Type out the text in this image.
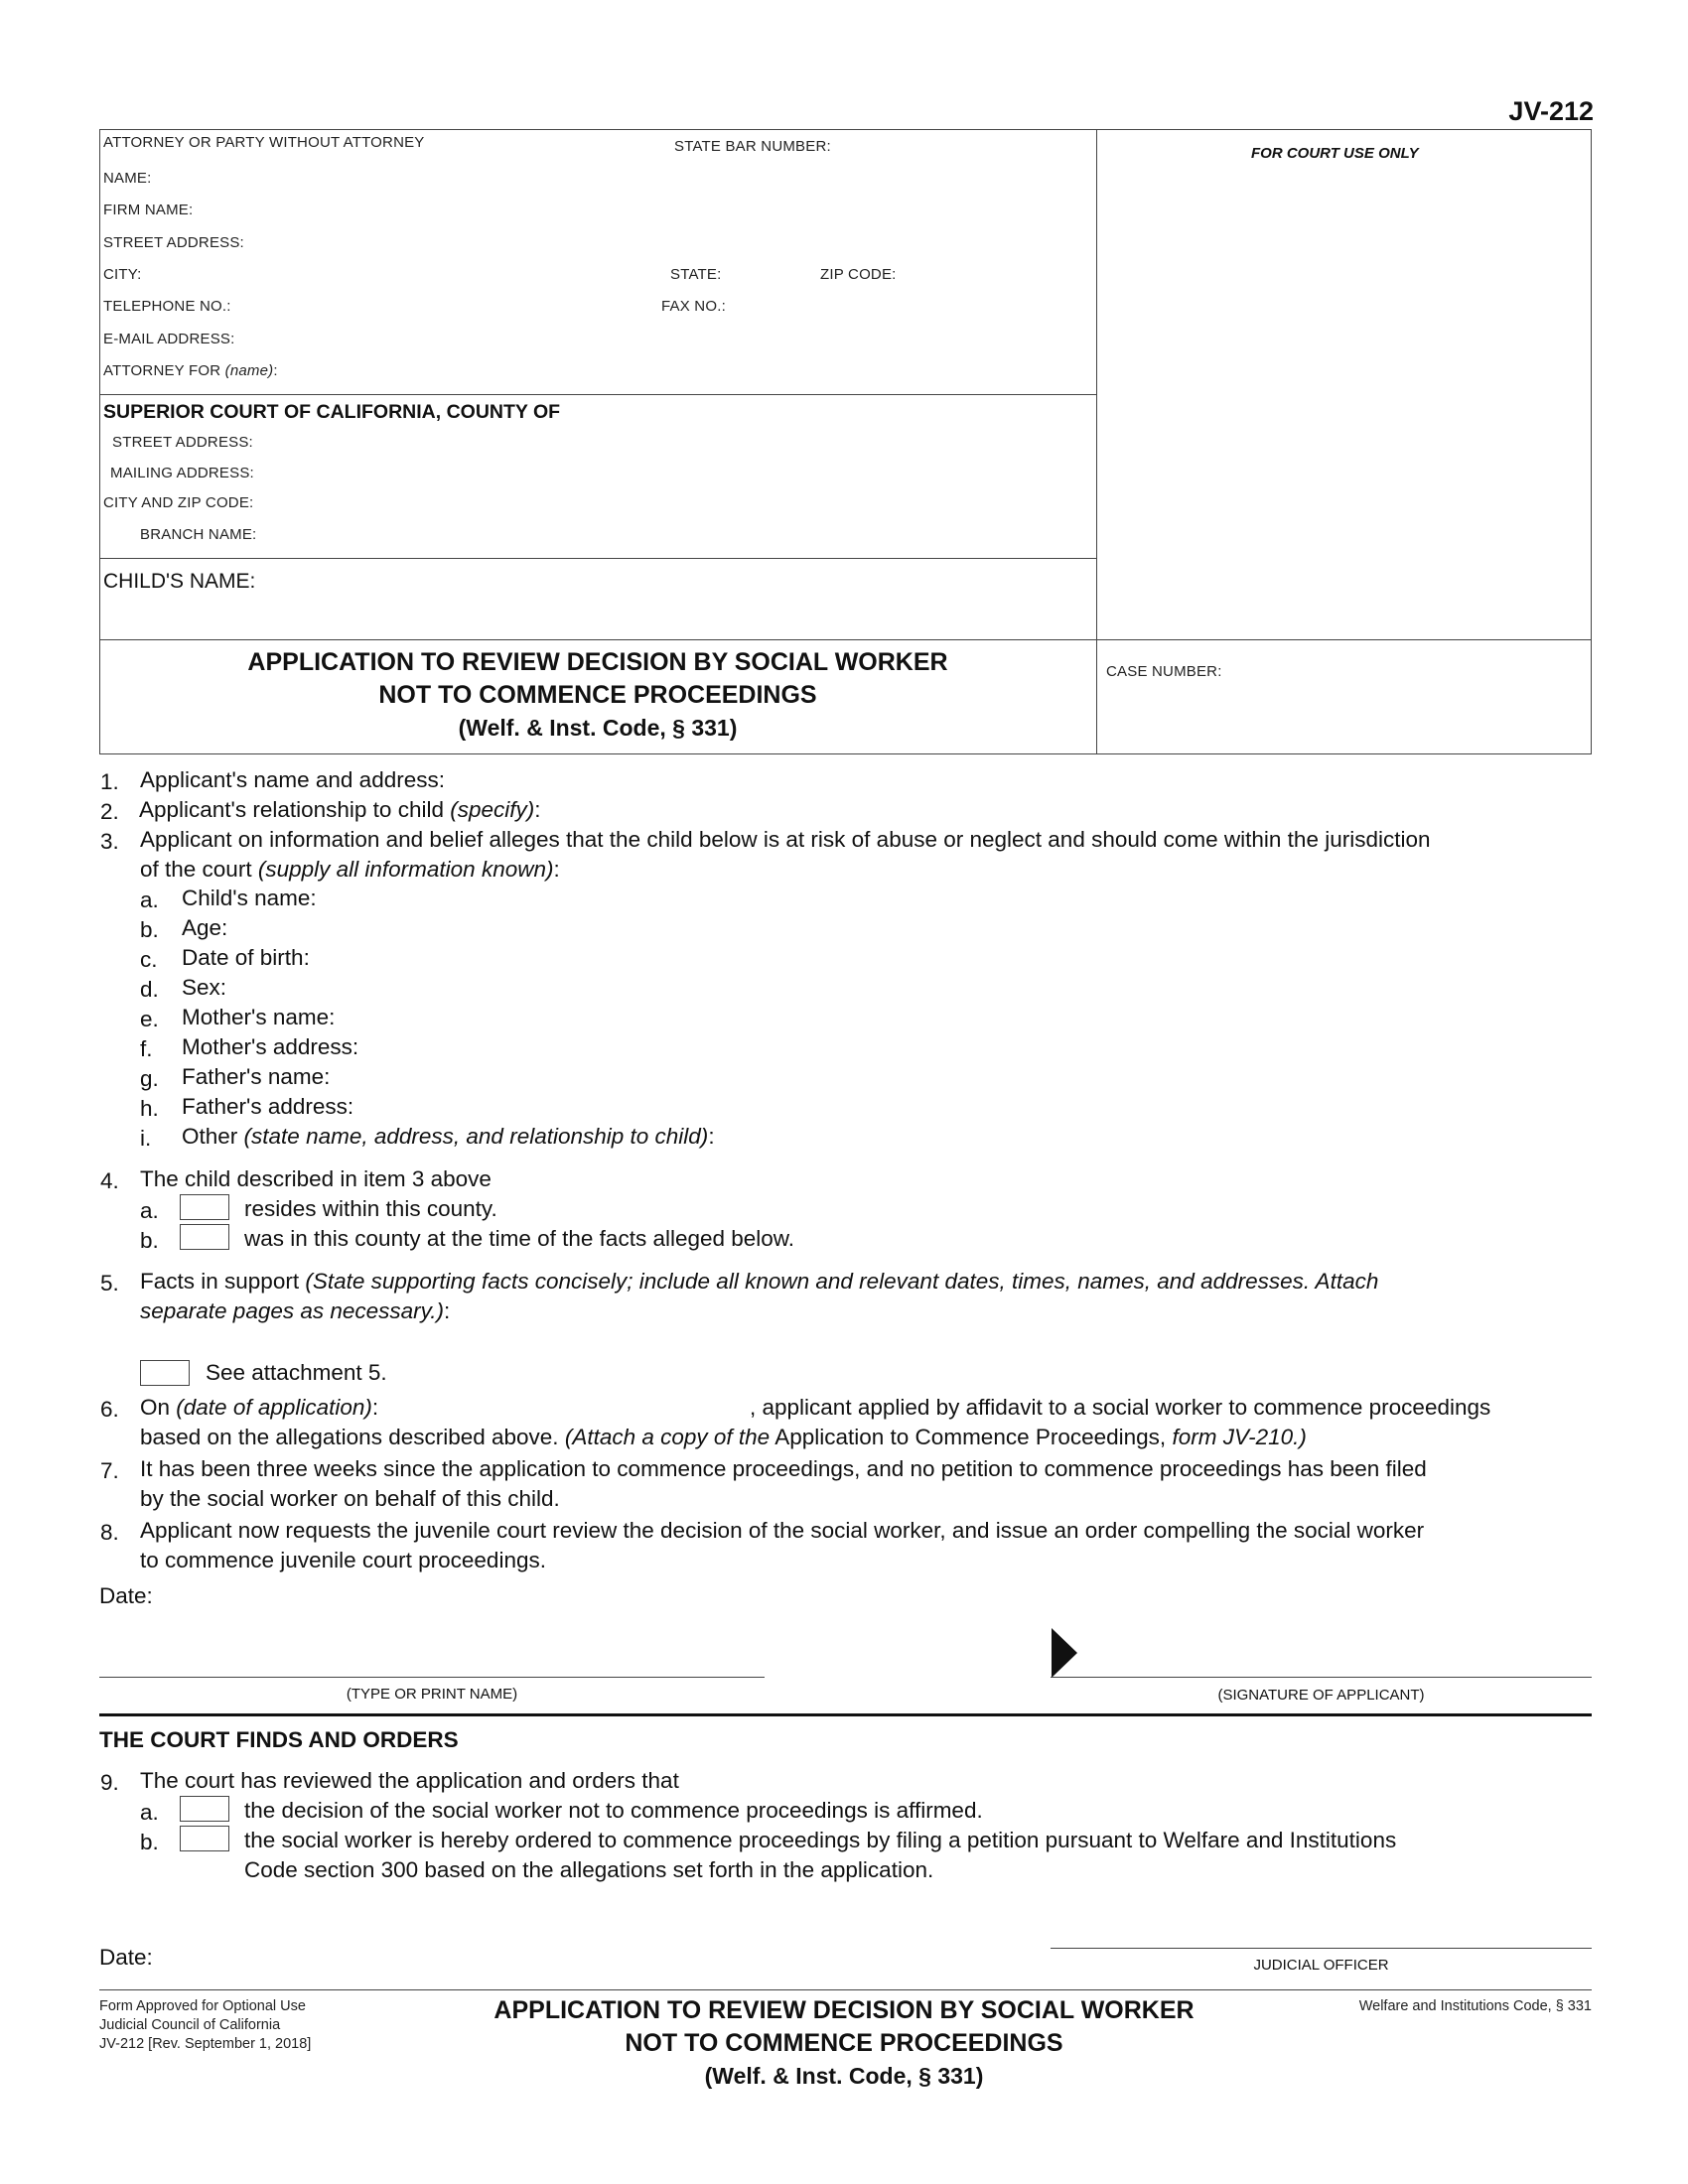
JV-212
ATTORNEY OR PARTY WITHOUT ATTORNEY	STATE BAR NUMBER:
NAME:
FIRM NAME:
STREET ADDRESS:
CITY:	STATE:	ZIP CODE:
TELEPHONE NO.:	FAX NO.:
E-MAIL ADDRESS:
ATTORNEY FOR (name):
FOR COURT USE ONLY
SUPERIOR COURT OF CALIFORNIA, COUNTY OF
STREET ADDRESS:
MAILING ADDRESS:
CITY AND ZIP CODE:
BRANCH NAME:
CHILD'S NAME:
APPLICATION TO REVIEW DECISION BY SOCIAL WORKER
NOT TO COMMENCE PROCEEDINGS
(Welf. & Inst. Code, § 331)
CASE NUMBER:
1. Applicant's name and address:
2. Applicant's relationship to child (specify):
3. Applicant on information and belief alleges that the child below is at risk of abuse or neglect and should come within the jurisdiction
of the court (supply all information known):
a. Child's name:
b. Age:
c. Date of birth:
d. Sex:
e. Mother's name:
f. Mother's address:
g. Father's name:
h. Father's address:
i. Other (state name, address, and relationship to child):
4. The child described in item 3 above
a.	resides within this county.
b.	was in this county at the time of the facts alleged below.
5. Facts in support (State supporting facts concisely; include all known and relevant dates, times, names, and addresses. Attach
separate pages as necessary.):
See attachment 5.
6. On (date of application):	, applicant applied by affidavit to a social worker to commence proceedings
based on the allegations described above. (Attach a copy of the Application to Commence Proceedings, form JV-210.)
7. It has been three weeks since the application to commence proceedings, and no petition to commence proceedings has been filed
by the social worker on behalf of this child.
8. Applicant now requests the juvenile court review the decision of the social worker, and issue an order compelling the social worker
to commence juvenile court proceedings.
Date:
(TYPE OR PRINT NAME)	(SIGNATURE OF APPLICANT)
THE COURT FINDS AND ORDERS
9. The court has reviewed the application and orders that
a.	the decision of the social worker not to commence proceedings is affirmed.
b.	the social worker is hereby ordered to commence proceedings by filing a petition pursuant to Welfare and Institutions
Code section 300 based on the allegations set forth in the application.
Date:	JUDICIAL OFFICER
Form Approved for Optional Use
Judicial Council of California
JV-212 [Rev. September 1, 2018]
APPLICATION TO REVIEW DECISION BY SOCIAL WORKER
NOT TO COMMENCE PROCEEDINGS
(Welf. & Inst. Code, § 331)
Welfare and Institutions Code, § 331
